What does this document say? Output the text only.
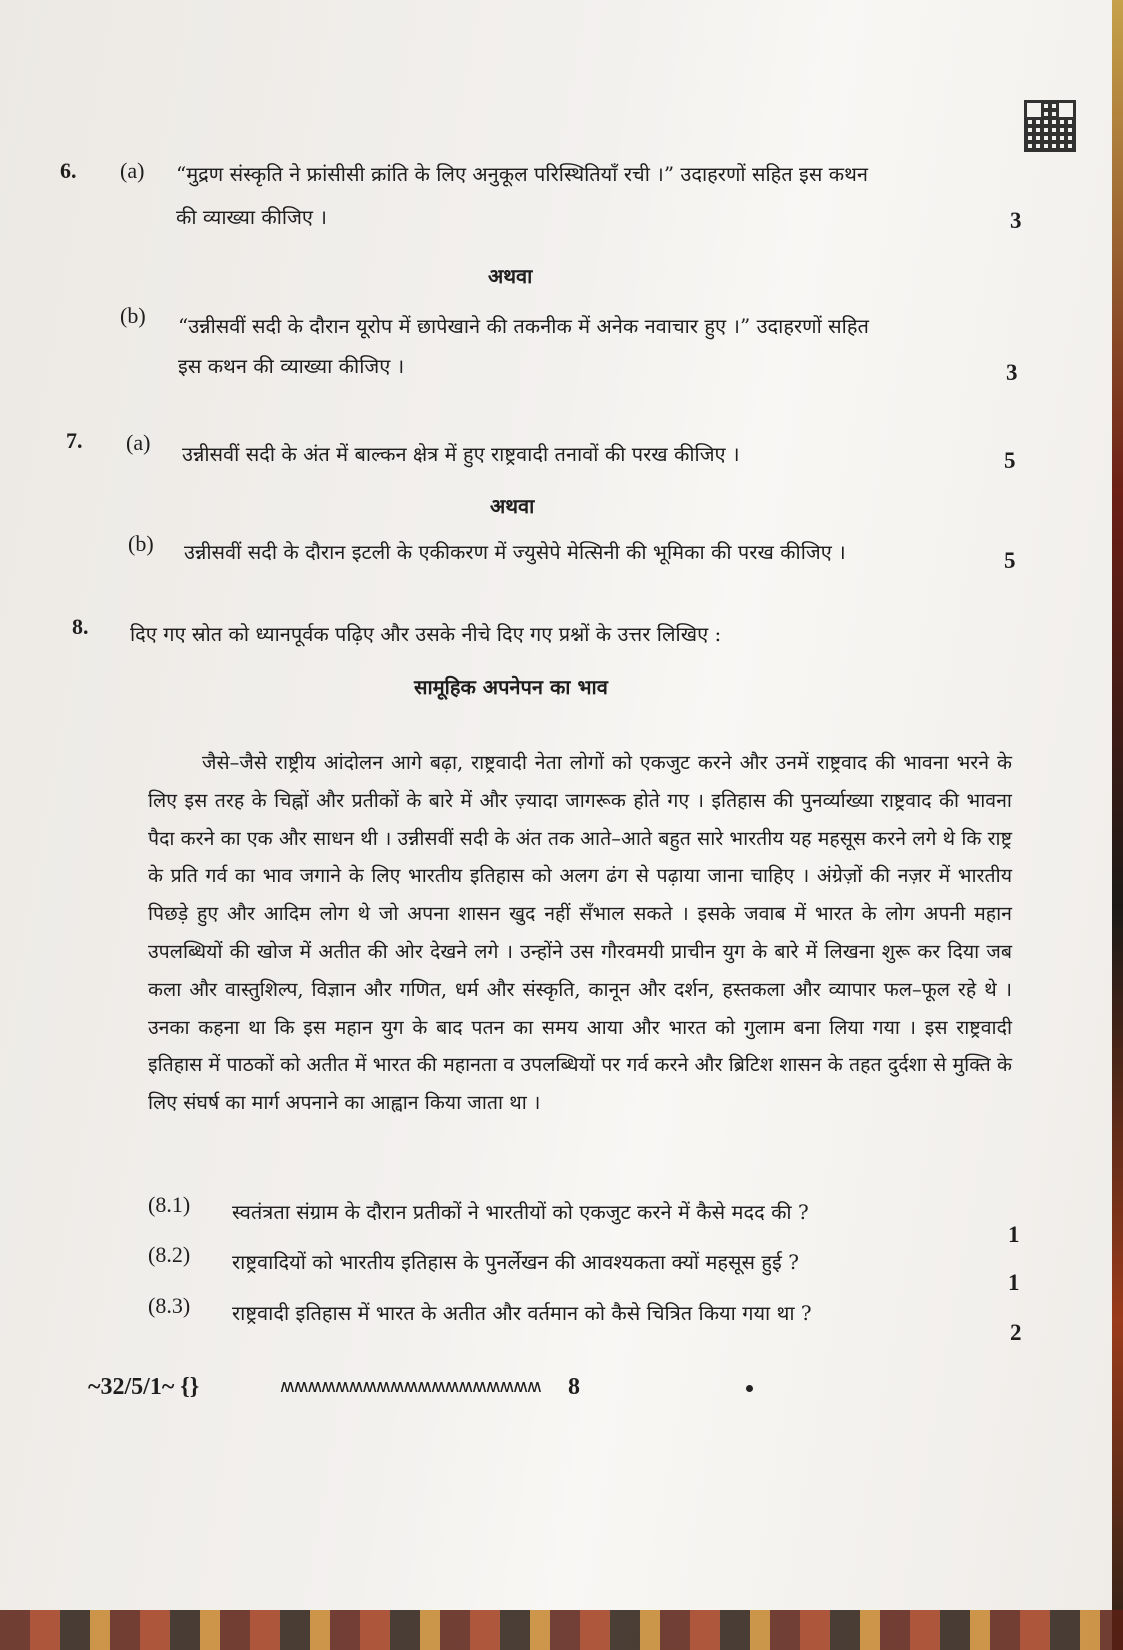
6. (a) “मुद्रण संस्कृति ने फ्रांसीसी क्रांति के लिए अनुकूल परिस्थितियाँ रची ।” उदाहरणों सहित इस कथन
की व्याख्या कीजिए ।	3
अथवा
(b) “उन्नीसवीं सदी के दौरान यूरोप में छापेखाने की तकनीक में अनेक नवाचार हुए ।” उदाहरणों सहित
इस कथन की व्याख्या कीजिए ।	3
7. (a) उन्नीसवीं सदी के अंत में बाल्कन क्षेत्र में हुए राष्ट्रवादी तनावों की परख कीजिए ।	5
अथवा
(b) उन्नीसवीं सदी के दौरान इटली के एकीकरण में ज्युसेपे मेत्सिनी की भूमिका की परख कीजिए ।	5
8. दिए गए स्रोत को ध्यानपूर्वक पढ़िए और उसके नीचे दिए गए प्रश्नों के उत्तर लिखिए :
सामूहिक अपनेपन का भाव

जैसे–जैसे राष्ट्रीय आंदोलन आगे बढ़ा, राष्ट्रवादी नेता लोगों को एकजुट करने और उनमें राष्ट्रवाद की भावना भरने के लिए इस तरह के चिह्नों और प्रतीकों के बारे में और ज़्यादा जागरूक होते गए । इतिहास की पुनर्व्याख्या राष्ट्रवाद की भावना पैदा करने का एक और साधन थी । उन्नीसवीं सदी के अंत तक आते–आते बहुत सारे भारतीय यह महसूस करने लगे थे कि राष्ट्र के प्रति गर्व का भाव जगाने के लिए भारतीय इतिहास को अलग ढंग से पढ़ाया जाना चाहिए । अंग्रेज़ों की नज़र में भारतीय पिछड़े हुए और आदिम लोग थे जो अपना शासन खुद नहीं सँभाल सकते । इसके जवाब में भारत के लोग अपनी महान उपलब्धियों की खोज में अतीत की ओर देखने लगे । उन्होंने उस गौरवमयी प्राचीन युग के बारे में लिखना शुरू कर दिया जब कला और वास्तुशिल्प, विज्ञान और गणित, धर्म और संस्कृति, कानून और दर्शन, हस्तकला और व्यापार फल–फूल रहे थे । उनका कहना था कि इस महान युग के बाद पतन का समय आया और भारत को गुलाम बना लिया गया । इस राष्ट्रवादी इतिहास में पाठकों को अतीत में भारत की महानता व उपलब्धियों पर गर्व करने और ब्रिटिश शासन के तहत दुर्दशा से मुक्ति के लिए संघर्ष का मार्ग अपनाने का आह्वान किया जाता था ।

(8.1) स्वतंत्रता संग्राम के दौरान प्रतीकों ने भारतीयों को एकजुट करने में कैसे मदद की ?
1
(8.2) राष्ट्रवादियों को भारतीय इतिहास के पुनर्लेखन की आवश्यकता क्यों महसूस हुई ?
1
(8.3) राष्ट्रवादी इतिहास में भारत के अतीत और वर्तमान को कैसे चित्रित किया गया था ?
2
~32/5/1~ {}	ʍʍʍʍʍʍʍʍʍʍʍʍʍʍʍʍʍʍʍ 8
